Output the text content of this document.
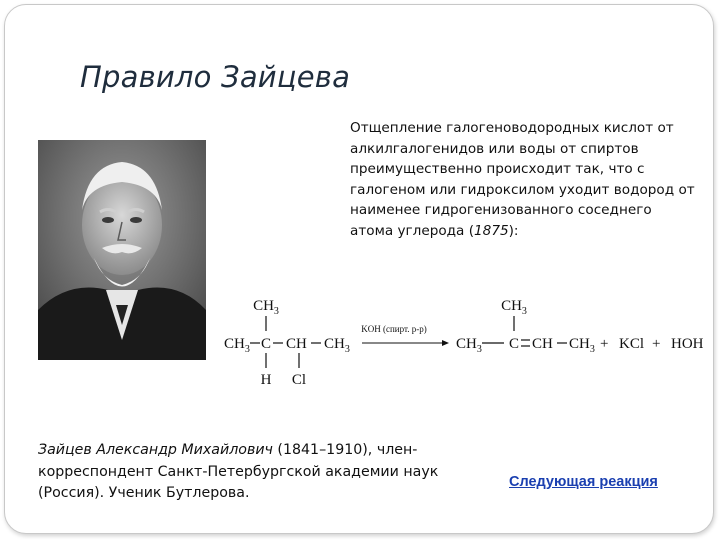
Правило Зайцева
Отщепление галогеноводородных кислот от алкилгалогенидов или воды от спиртов преимущественно происходит так, что с галогеном или гидроксилом уходит водород от наименее гидрогенизованного соседнего атома углерода (1875):
$CH_3$
$CH_3$ C CH $CH_3$
H Cl
KOH (спирт. р-р)
$CH_3$
$CH_3$ C CH $CH_3$ + KCl + HOH
Зайцев Александр Михайлович (1841–1910), член-корреспондент Санкт-Петербургской академии наук (Россия). Ученик Бутлерова.
Следующая реакция
